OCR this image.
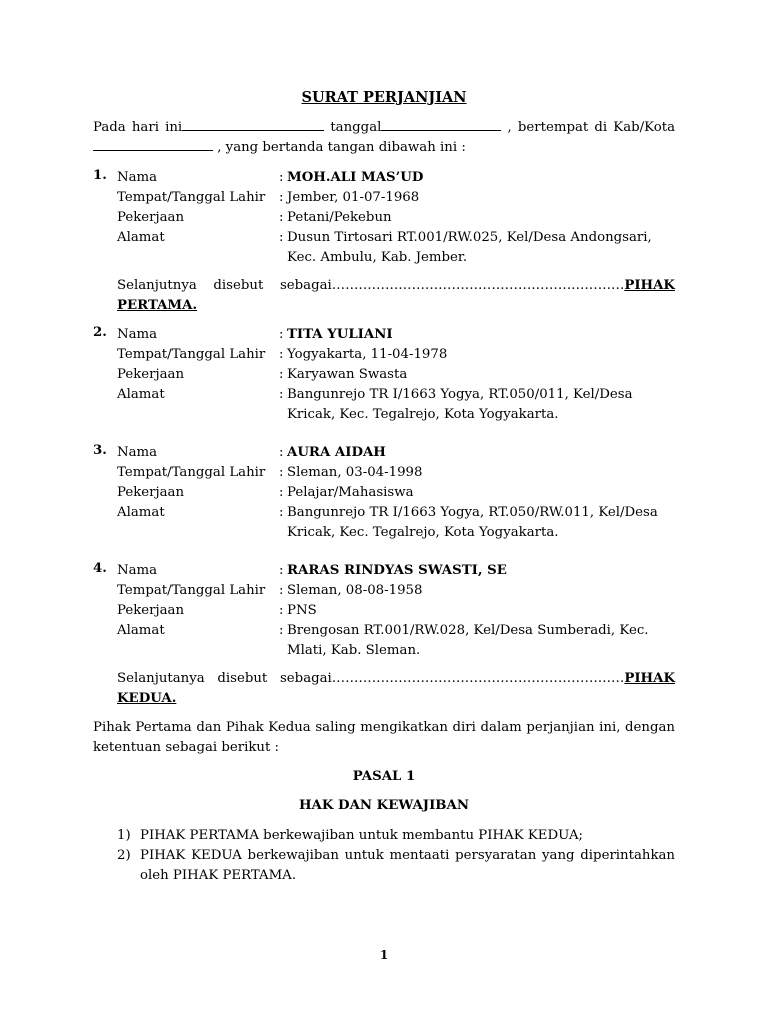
SURAT PERJANJIAN
Pada hari ini	tanggal	, bertempat di Kab/Kota
, yang bertanda tangan dibawah ini :
1. Nama	: MOH.ALI MAS’UD
Tempat/Tanggal Lahir : Jember, 01-07-1968
Pekerjaan	: Petani/Pekebun
Alamat	: Dusun Tirtosari RT.001/RW.025, Kel/Desa Andongsari,
Kec. Ambulu, Kab. Jember.
Selanjutnya disebut sebagai…………………………………………………………PIHAK
PERTAMA.
2. Nama	: TITA YULIANI
Tempat/Tanggal Lahir : Yogyakarta, 11-04-1978
Pekerjaan	: Karyawan Swasta
Alamat	: Bangunrejo TR I/1663 Yogya, RT.050/011, Kel/Desa
Kricak, Kec. Tegalrejo, Kota Yogyakarta.
3. Nama	: AURA AIDAH
Tempat/Tanggal Lahir : Sleman, 03-04-1998
Pekerjaan	: Pelajar/Mahasiswa
Alamat	: Bangunrejo TR I/1663 Yogya, RT.050/RW.011, Kel/Desa
Kricak, Kec. Tegalrejo, Kota Yogyakarta.
4. Nama	: RARAS RINDYAS SWASTI, SE
Tempat/Tanggal Lahir : Sleman, 08-08-1958
Pekerjaan	: PNS
Alamat	: Brengosan RT.001/RW.028, Kel/Desa Sumberadi, Kec.
Mlati, Kab. Sleman.
Selanjutanya disebut sebagai…………………………………………………………PIHAK
KEDUA.
Pihak Pertama dan Pihak Kedua saling mengikatkan diri dalam perjanjian ini, dengan ketentuan sebagai berikut :
PASAL 1
HAK DAN KEWAJIBAN
1) PIHAK PERTAMA berkewajiban untuk membantu PIHAK KEDUA;
2) PIHAK KEDUA berkewajiban untuk mentaati persyaratan yang diperintahkan oleh PIHAK PERTAMA.
1
